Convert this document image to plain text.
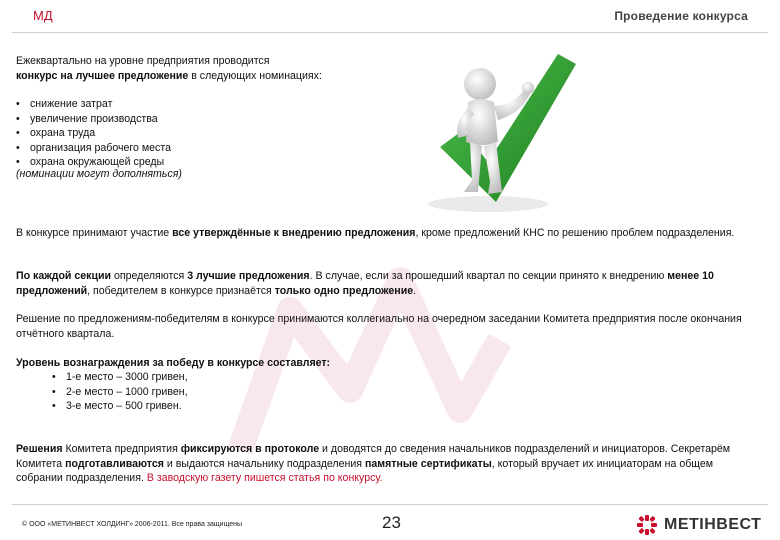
МД	Проведение конкурса
Ежеквартально на уровне предприятия проводится
конкурс на лучшее предложение в следующих номинациях:
• снижение затрат
• увеличение производства
• охрана труда
• организация рабочего места
• охрана окружающей среды
(номинации могут дополняться)
В конкурсе принимают участие все утверждённые к внедрению предложения, кроме предложений КНС по решению проблем подразделения.
По каждой секции определяются 3 лучшие предложения. В случае, если за прошедший квартал по секции принято к внедрению менее 10 предложений, победителем в конкурсе признаётся только одно предложение.
Решение по предложениям-победителям в конкурсе принимаются коллегиально на очередном заседании Комитета предприятия после окончания отчётного квартала.
Уровень вознаграждения за победу в конкурсе составляет:
• 1-е место – 3000 гривен,
• 2-е место – 1000 гривен,
• 3-е место – 500 гривен.
Решения Комитета предприятия фиксируются в протоколе и доводятся до сведения начальников подразделений и инициаторов. Секретарём Комитета подготавливаются и выдаются начальнику подразделения памятные сертификаты, который вручает их инициаторам на общем собрании подразделения. В заводскую газету пишется статья по конкурсу.
© ООО «МЕТИНВЕСТ ХОЛДИНГ» 2006-2011. Все права защищены	23	МЕТІНВЕСТ
